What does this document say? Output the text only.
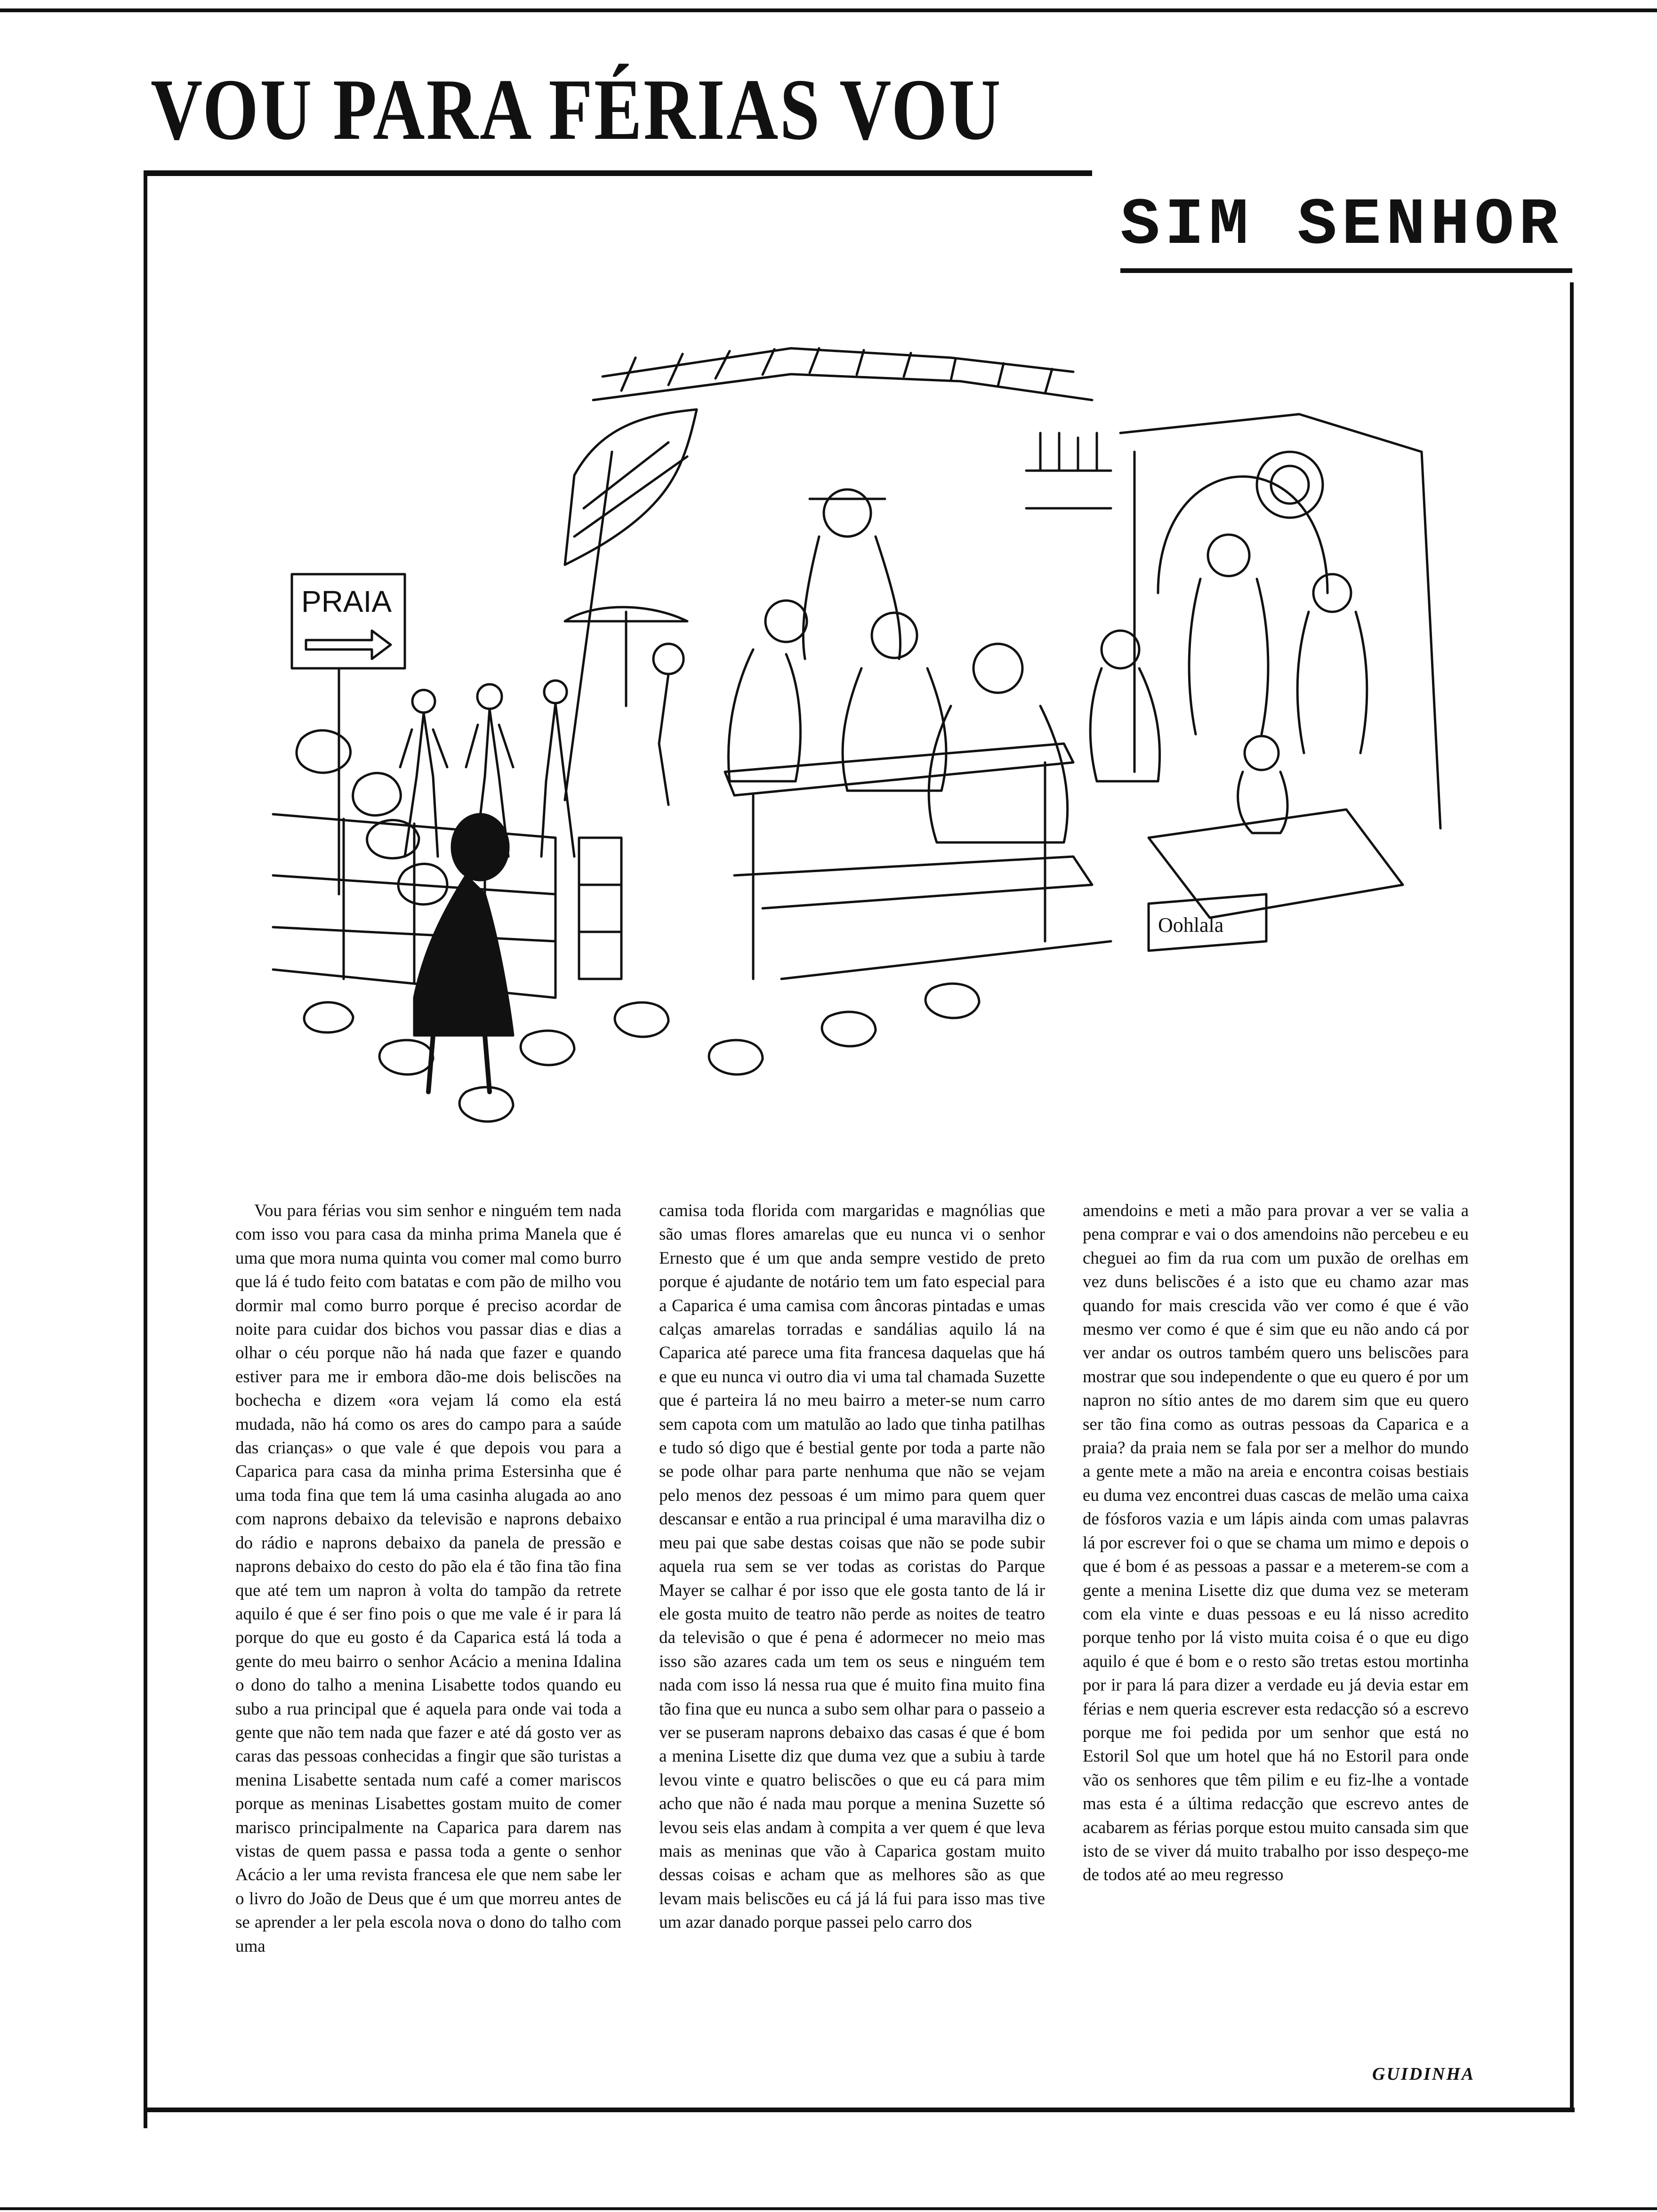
VOU PARA FÉRIAS VOU
SIM SENHOR
PRAIA
Oohlala

Vou para férias vou sim senhor e ninguém tem nada com isso vou para casa da minha prima Manela que é uma que mora numa quinta vou comer mal como burro que lá é tudo feito com batatas e com pão de milho vou dormir mal como burro porque é preciso acordar de noite para cuidar dos bichos vou passar dias e dias a olhar o céu porque não há nada que fazer e quando estiver para me ir embora dão-me dois beliscões na bochecha e dizem «ora vejam lá como ela está mudada, não há como os ares do campo para a saúde das crianças» o que vale é que depois vou para a Caparica para casa da minha prima Estersinha que é uma toda fina que tem lá uma casinha alugada ao ano com naprons debaixo da televisão e naprons debaixo do rádio e naprons debaixo da panela de pressão e naprons debaixo do cesto do pão ela é tão fina tão fina que até tem um napron à volta do tampão da retrete aquilo é que é ser fino pois o que me vale é ir para lá porque do que eu gosto é da Caparica está lá toda a gente do meu bairro o senhor Acácio a menina Idalina o dono do talho a menina Lisabette todos quando eu subo a rua principal que é aquela para onde vai toda a gente que não tem nada que fazer e até dá gosto ver as caras das pessoas conhecidas a fingir que são turistas a menina Lisabette sentada num café a comer mariscos porque as meninas Lisabettes gostam muito de comer marisco principalmente na Caparica para darem nas vistas de quem passa e passa toda a gente o senhor Acácio a ler uma revista francesa ele que nem sabe ler o livro do João de Deus que é um que morreu antes de se aprender a ler pela escola nova o dono do talho com uma

camisa toda florida com margaridas e magnólias que são umas flores amarelas que eu nunca vi o senhor Ernesto que é um que anda sempre vestido de preto porque é ajudante de notário tem um fato especial para a Caparica é uma camisa com âncoras pintadas e umas calças amarelas torradas e sandálias aquilo lá na Caparica até parece uma fita francesa daquelas que há e que eu nunca vi outro dia vi uma tal chamada Suzette que é parteira lá no meu bairro a meter-se num carro sem capota com um matulão ao lado que tinha patilhas e tudo só digo que é bestial gente por toda a parte não se pode olhar para parte nenhuma que não se vejam pelo menos dez pessoas é um mimo para quem quer descansar e então a rua principal é uma maravilha diz o meu pai que sabe destas coisas que não se pode subir aquela rua sem se ver todas as coristas do Parque Mayer se calhar é por isso que ele gosta tanto de lá ir ele gosta muito de teatro não perde as noites de teatro da televisão o que é pena é adormecer no meio mas isso são azares cada um tem os seus e ninguém tem nada com isso lá nessa rua que é muito fina muito fina tão fina que eu nunca a subo sem olhar para o passeio a ver se puseram naprons debaixo das casas é que é bom a menina Lisette diz que duma vez que a subiu à tarde levou vinte e quatro beliscões o que eu cá para mim acho que não é nada mau porque a menina Suzette só levou seis elas andam à compita a ver quem é que leva mais as meninas que vão à Caparica gostam muito dessas coisas e acham que as melhores são as que levam mais beliscões eu cá já lá fui para isso mas tive um azar danado porque passei pelo carro dos

amendoins e meti a mão para provar a ver se valia a pena comprar e vai o dos amendoins não percebeu e eu cheguei ao fim da rua com um puxão de orelhas em vez duns beliscões é a isto que eu chamo azar mas quando for mais crescida vão ver como é que é vão mesmo ver como é que é sim que eu não ando cá por ver andar os outros também quero uns beliscões para mostrar que sou independente o que eu quero é por um napron no sítio antes de mo darem sim que eu quero ser tão fina como as outras pessoas da Caparica e a praia? da praia nem se fala por ser a melhor do mundo a gente mete a mão na areia e encontra coisas bestiais eu duma vez encontrei duas cascas de melão uma caixa de fósforos vazia e um lápis ainda com umas palavras lá por escrever foi o que se chama um mimo e depois o que é bom é as pessoas a passar e a meterem-se com a gente a menina Lisette diz que duma vez se meteram com ela vinte e duas pessoas e eu lá nisso acredito porque tenho por lá visto muita coisa é o que eu digo aquilo é que é bom e o resto são tretas estou mortinha por ir para lá para dizer a verdade eu já devia estar em férias e nem queria escrever esta redacção só a escrevo porque me foi pedida por um senhor que está no Estoril Sol que um hotel que há no Estoril para onde vão os senhores que têm pilim e eu fiz-lhe a vontade mas esta é a última redacção que escrevo antes de acabarem as férias porque estou muito cansada sim que isto de se viver dá muito trabalho por isso despeço-me de todos até ao meu regresso

GUIDINHA
